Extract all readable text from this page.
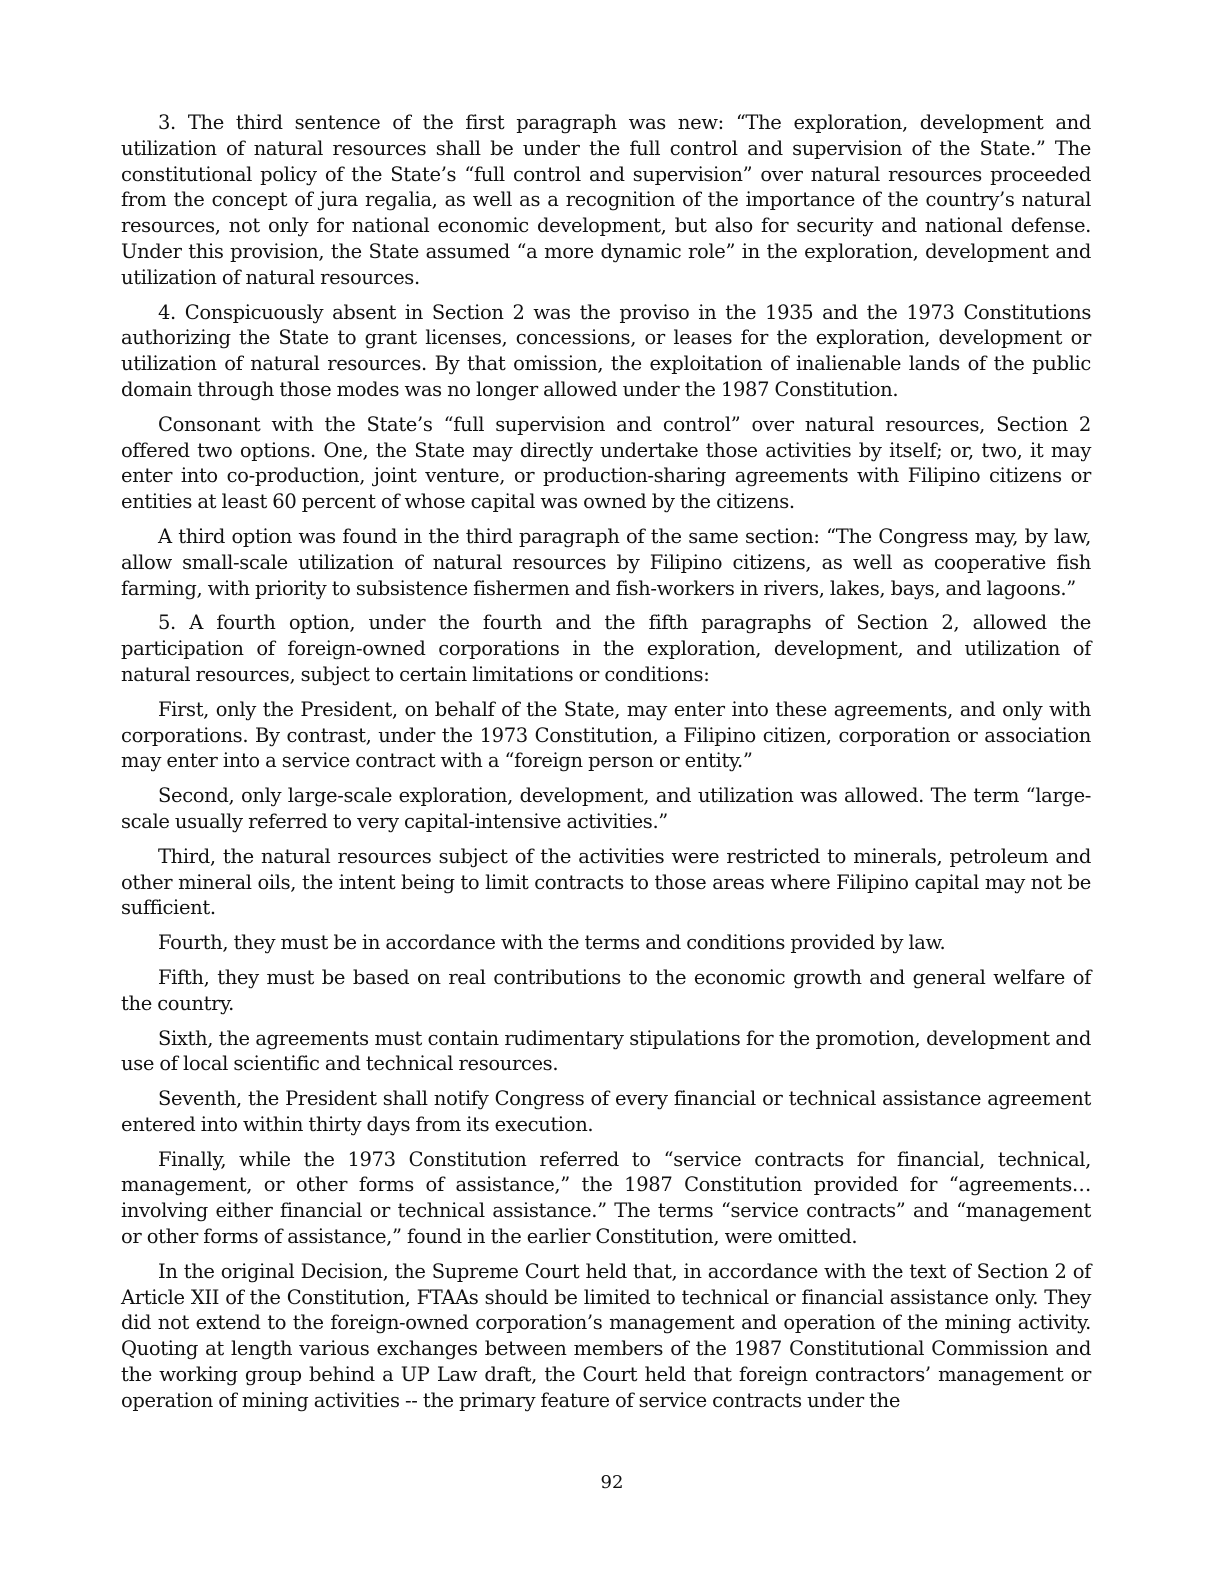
3. The third sentence of the first paragraph was new: “The exploration, development and utilization of natural resources shall be under the full control and supervision of the State.” The constitutional policy of the State’s “full control and supervision” over natural resources proceeded from the concept of jura regalia, as well as a recognition of the importance of the country’s natural resources, not only for national economic development, but also for security and national defense. Under this provision, the State assumed “a more dynamic role” in the exploration, development and utilization of natural resources.

4. Conspicuously absent in Section 2 was the proviso in the 1935 and the 1973 Constitutions authorizing the State to grant licenses, concessions, or leases for the exploration, development or utilization of natural resources. By that omission, the exploitation of inalienable lands of the public domain through those modes was no longer allowed under the 1987 Constitution.

Consonant with the State’s “full supervision and control” over natural resources, Section 2 offered two options. One, the State may directly undertake those activities by itself; or, two, it may enter into co-production, joint venture, or production-sharing agreements with Filipino citizens or entities at least 60 percent of whose capital was owned by the citizens.

A third option was found in the third paragraph of the same section: “The Congress may, by law, allow small-scale utilization of natural resources by Filipino citizens, as well as cooperative fish farming, with priority to subsistence fishermen and fish-workers in rivers, lakes, bays, and lagoons.”

5. A fourth option, under the fourth and the fifth paragraphs of Section 2, allowed the participation of foreign-owned corporations in the exploration, development, and utilization of natural resources, subject to certain limitations or conditions:

First, only the President, on behalf of the State, may enter into these agreements, and only with corporations. By contrast, under the 1973 Constitution, a Filipino citizen, corporation or association may enter into a service contract with a “foreign person or entity.”

Second, only large-scale exploration, development, and utilization was allowed. The term “large-scale usually referred to very capital-intensive activities.”

Third, the natural resources subject of the activities were restricted to minerals, petroleum and other mineral oils, the intent being to limit contracts to those areas where Filipino capital may not be sufficient.

Fourth, they must be in accordance with the terms and conditions provided by law.

Fifth, they must be based on real contributions to the economic growth and general welfare of the country.

Sixth, the agreements must contain rudimentary stipulations for the promotion, development and use of local scientific and technical resources.

Seventh, the President shall notify Congress of every financial or technical assistance agreement entered into within thirty days from its execution.

Finally, while the 1973 Constitution referred to “service contracts for financial, technical, management, or other forms of assistance,” the 1987 Constitution provided for “agreements… involving either financial or technical assistance.” The terms “service contracts” and “management or other forms of assistance,” found in the earlier Constitution, were omitted.

In the original Decision, the Supreme Court held that, in accordance with the text of Section 2 of Article XII of the Constitution, FTAAs should be limited to technical or financial assistance only. They did not extend to the foreign-owned corporation’s management and operation of the mining activity. Quoting at length various exchanges between members of the 1987 Constitutional Commission and the working group behind a UP Law draft, the Court held that foreign contractors’ management or operation of mining activities -- the primary feature of service contracts under the

92
